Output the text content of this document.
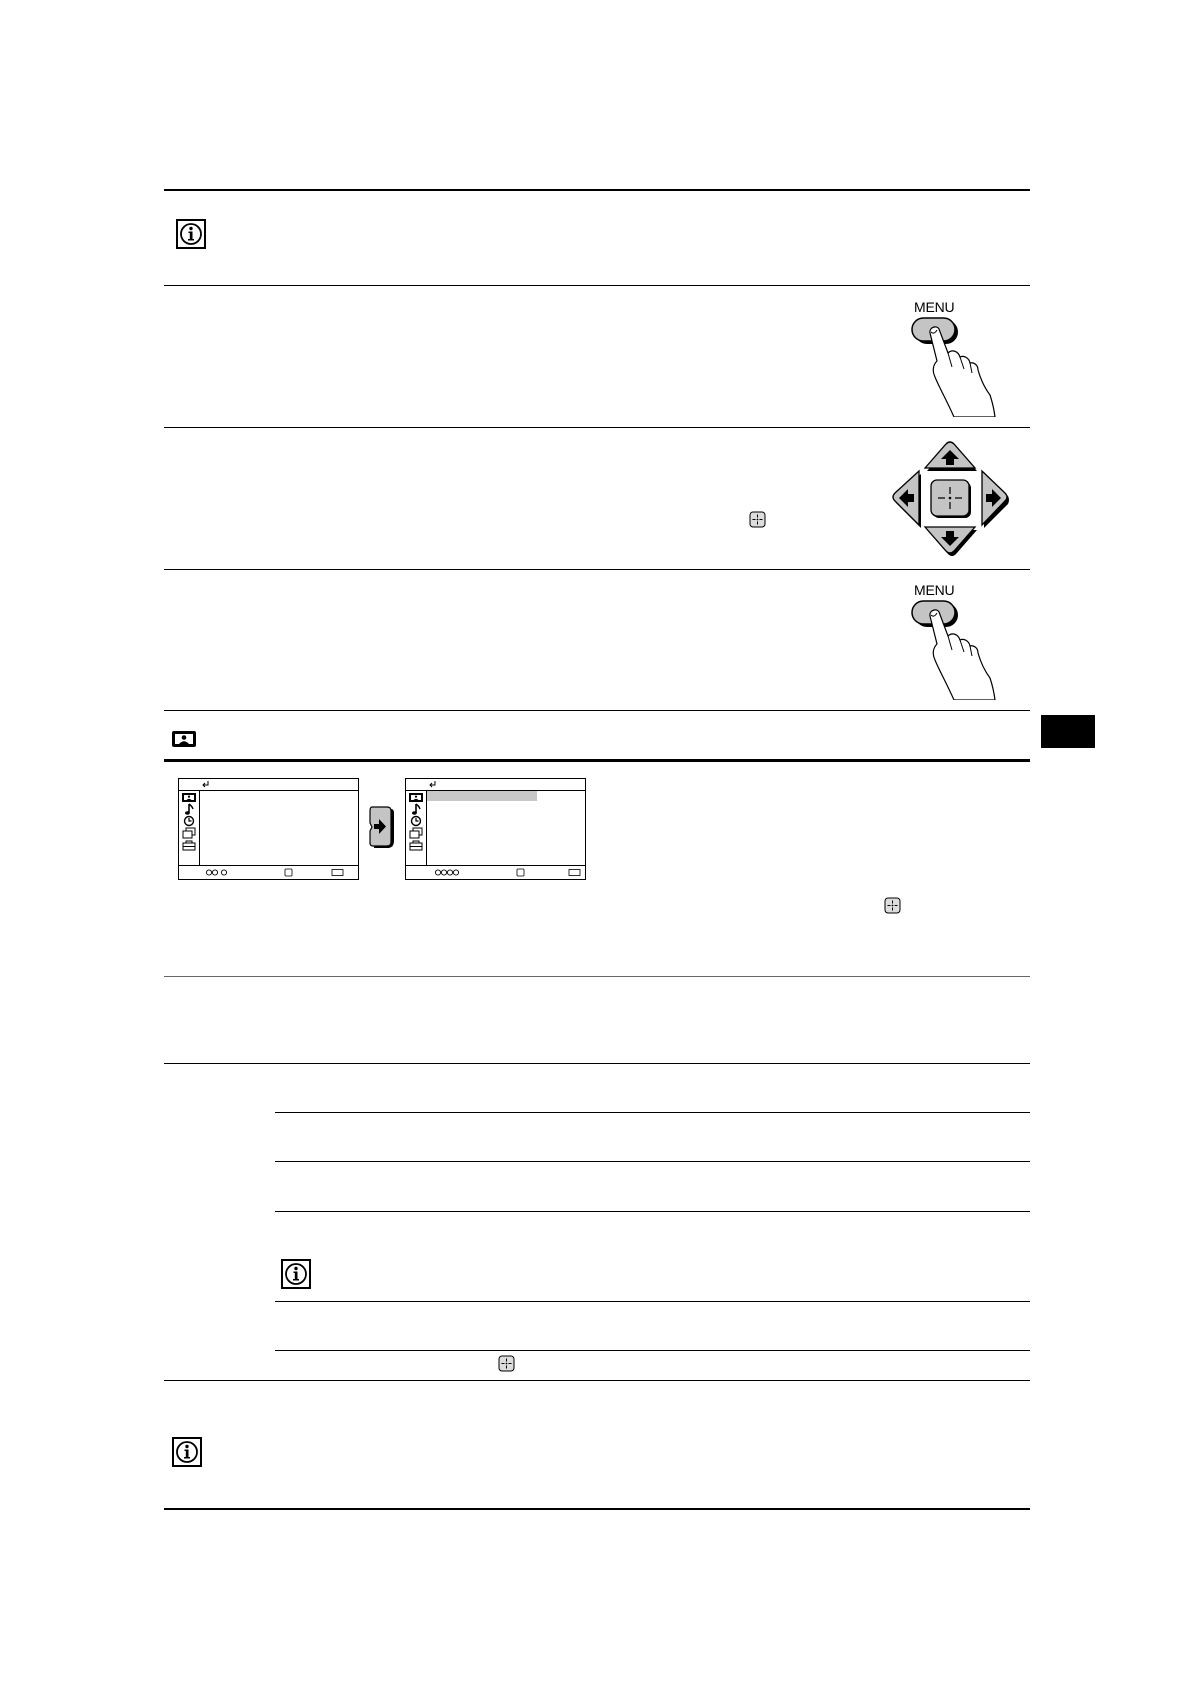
MENU
MENU
